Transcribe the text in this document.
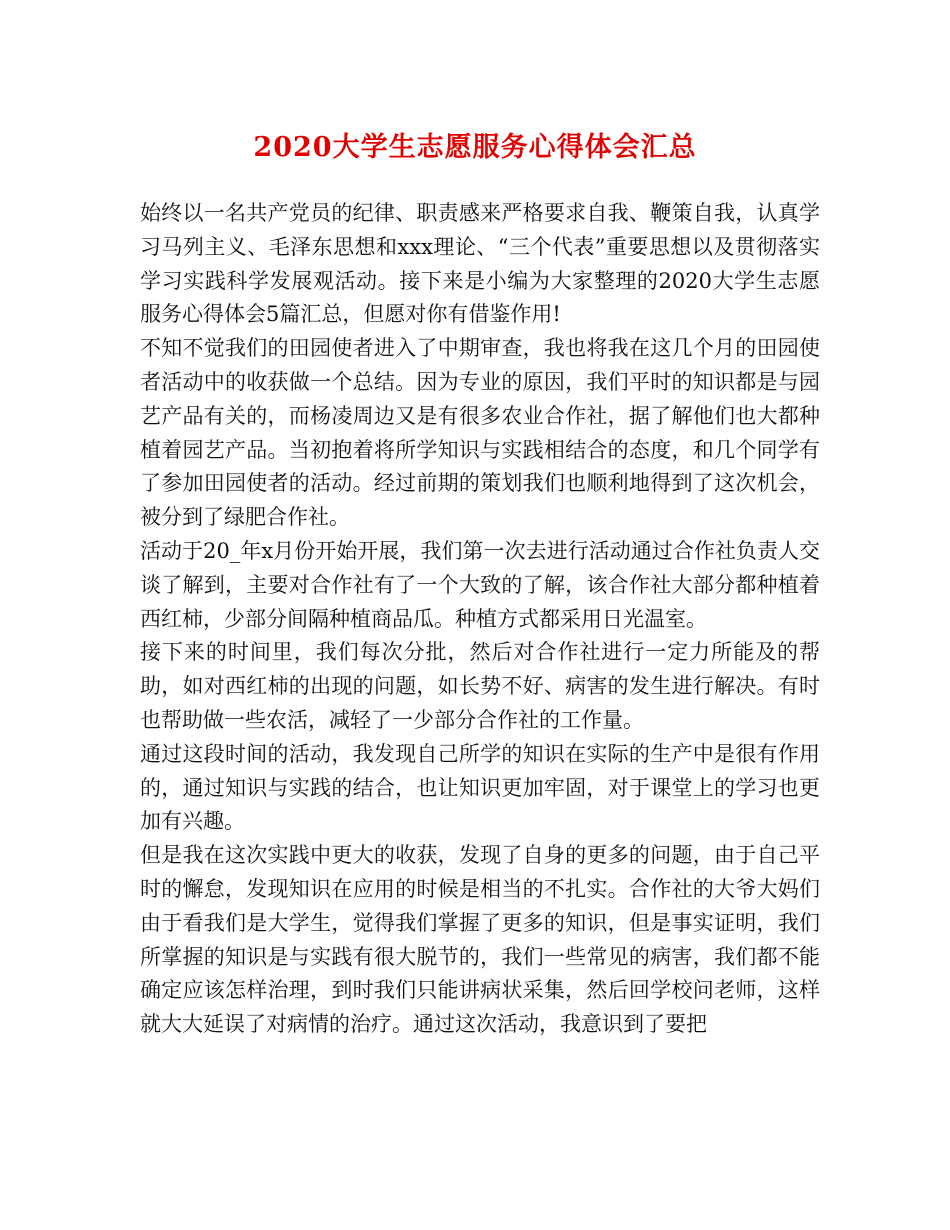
2020大学生志愿服务心得体会汇总

始终以一名共产党员的纪律、职责感来严格要求自我、鞭策自我，认真学习马列主义、毛泽东思想和xxx理论、“三个代表”重要思想以及贯彻落实学习实践科学发展观活动。接下来是小编为大家整理的2020大学生志愿服务心得体会5篇汇总，但愿对你有借鉴作用!

不知不觉我们的田园使者进入了中期审查，我也将我在这几个月的田园使者活动中的收获做一个总结。因为专业的原因，我们平时的知识都是与园艺产品有关的，而杨凌周边又是有很多农业合作社，据了解他们也大都种植着园艺产品。当初抱着将所学知识与实践相结合的态度，和几个同学有了参加田园使者的活动。经过前期的策划我们也顺利地得到了这次机会，被分到了绿肥合作社。

活动于20_年x月份开始开展，我们第一次去进行活动通过合作社负责人交谈了解到，主要对合作社有了一个大致的了解，该合作社大部分都种植着西红柿，少部分间隔种植商品瓜。种植方式都采用日光温室。

接下来的时间里，我们每次分批，然后对合作社进行一定力所能及的帮助，如对西红柿的出现的问题，如长势不好、病害的发生进行解决。有时也帮助做一些农活，减轻了一少部分合作社的工作量。

通过这段时间的活动，我发现自己所学的知识在实际的生产中是很有作用的，通过知识与实践的结合，也让知识更加牢固，对于课堂上的学习也更加有兴趣。

但是我在这次实践中更大的收获，发现了自身的更多的问题，由于自己平时的懈怠，发现知识在应用的时候是相当的不扎实。合作社的大爷大妈们由于看我们是大学生，觉得我们掌握了更多的知识，但是事实证明，我们所掌握的知识是与实践有很大脱节的，我们一些常见的病害，我们都不能确定应该怎样治理，到时我们只能讲病状采集，然后回学校问老师，这样就大大延误了对病情的治疗。通过这次活动，我意识到了要把
